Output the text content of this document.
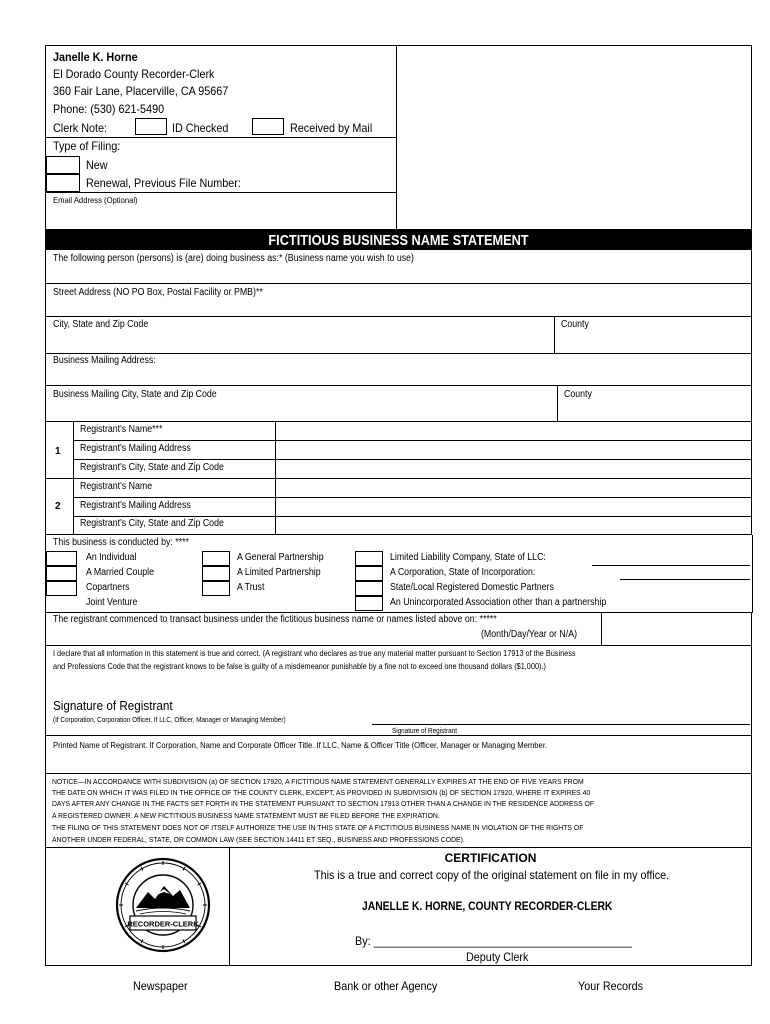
Janelle K. Horne
El Dorado County Recorder-Clerk
360 Fair Lane, Placerville, CA 95667
Phone: (530) 621-5490
Clerk Note:	ID Checked	Received by Mail
Type of Filing:
New
Renewal, Previous File Number:
Email Address (Optional)
FICTITIOUS BUSINESS NAME STATEMENT
The following person (persons) is (are) doing business as:* (Business name you wish to use)
Street Address (NO PO Box, Postal Facility or PMB)**
City, State and Zip Code	County
Business Mailing Address:
Business Mailing City, State and Zip Code	County
1
Registrant's Name***
Registrant's Mailing Address
Registrant's City, State and Zip Code
2
Registrant's Name
Registrant's Mailing Address
Registrant's City, State and Zip Code
This business is conducted by: ****
An Individual
A Married Couple
Copartners
Joint Venture
A General Partnership
A Limited Partnership
A Trust
Limited Liability Company, State of LLC:
A Corporation, State of Incorporation:
State/Local Registered Domestic Partners
An Unincorporated Association other than a partnership
The registrant commenced to transact business under the fictitious business name or names listed above on: *****
(Month/Day/Year or N/A)
I declare that all information in this statement is true and correct. (A registrant who declares as true any material matter pursuant to Section 17913 of the Business
and Professions Code that the registrant knows to be false is guilty of a misdemeanor punishable by a fine not to exceed one thousand dollars ($1,000).)
Signature of Registrant
(If Corporation, Corporation Officer. If LLC, Officer, Manager or Managing Member)
Signature of Registrant
Printed Name of Registrant. If Corporation, Name and Corporate Officer Title. If LLC, Name & Officer Title (Officer, Manager or Managing Member.
NOTICE—IN ACCORDANCE WITH SUBDIVISION (a) OF SECTION 17920, A FICTITIOUS NAME STATEMENT GENERALLY EXPIRES AT THE END OF FIVE YEARS FROM
THE DATE ON WHICH IT WAS FILED IN THE OFFICE OF THE COUNTY CLERK, EXCEPT, AS PROVIDED IN SUBDIVISION (b) OF SECTION 17920, WHERE IT EXPIRES 40
DAYS AFTER ANY CHANGE IN THE FACTS SET FORTH IN THE STATEMENT PURSUANT TO SECTION 17913 OTHER THAN A CHANGE IN THE RESIDENCE ADDRESS OF
A REGISTERED OWNER. A NEW FICTITIOUS BUSINESS NAME STATEMENT MUST BE FILED BEFORE THE EXPIRATION.
THE FILING OF THIS STATEMENT DOES NOT OF ITSELF AUTHORIZE THE USE IN THIS STATE OF A FICTITIOUS BUSINESS NAME IN VIOLATION OF THE RIGHTS OF
ANOTHER UNDER FEDERAL, STATE, OR COMMON LAW (SEE SECTION 14411 ET SEQ., BUSINESS AND PROFESSIONS CODE).
RECORDER-CLERK
CERTIFICATION
This is a true and correct copy of the original statement on file in my office.
JANELLE K. HORNE, COUNTY RECORDER-CLERK
By: ___________________________________________
Deputy Clerk
Newspaper	Bank or other Agency	Your Records
